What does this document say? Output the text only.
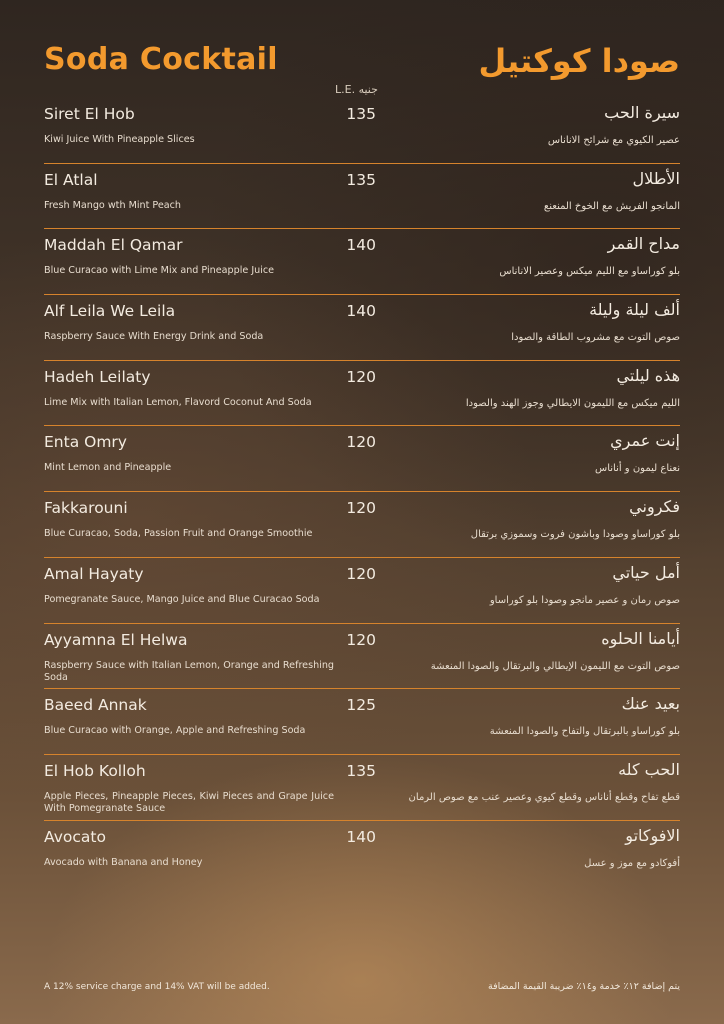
Soda Cocktail	صودا كوكتيل
L.E. جنيه
Siret El Hob	135
Kiwi Juice With Pineapple Slices
سيرة الحب
عصير الكيوي مع شرائح الاناناس
El Atlal	135
Fresh Mango wth Mint Peach
الأطلال
المانجو الفريش مع الخوخ المنعنع
Maddah El Qamar	140
Blue Curacao with Lime Mix and Pineapple Juice
مداح القمر
بلو كوراساو مع الليم ميكس وعصير الاناناس
Alf Leila We Leila	140
Raspberry Sauce With Energy Drink and Soda
ألف ليلة وليلة
صوص التوت مع مشروب الطاقة والصودا
Hadeh Leilaty	120
Lime Mix with Italian Lemon, Flavord Coconut And Soda
هذه ليلتي
الليم ميكس مع الليمون الايطالي وجوز الهند والصودا
Enta Omry	120
Mint Lemon and Pineapple
إنت عمري
نعناع ليمون و أناناس
Fakkarouni	120
Blue Curacao, Soda, Passion Fruit and Orange Smoothie
فكروني
بلو كوراساو وصودا وباشون فروت وسموزي برتقال
Amal Hayaty	120
Pomegranate Sauce, Mango Juice and Blue Curacao Soda
أمل حياتي
صوص رمان و عصير مانجو وصودا بلو كوراساو
Ayyamna El Helwa	120
Raspberry Sauce with Italian Lemon, Orange and Refreshing Soda
أيامنا الحلوه
صوص التوت مع الليمون الإيطالي والبرتقال والصودا المنعشة
Baeed Annak	125
Blue Curacao with Orange, Apple and Refreshing Soda
بعيد عنك
بلو كوراساو بالبرتقال والتفاح والصودا المنعشة
El Hob Kolloh	135
Apple Pieces, Pineapple Pieces, Kiwi Pieces and Grape Juice With Pomegranate Sauce
الحب كله
قطع تفاح وقطع أناناس وقطع كيوي وعصير عنب مع صوص الرمان
Avocato	140
Avocado with Banana and Honey
الافوكاتو
أفوكادو مع موز و عسل
A 12% service charge and 14% VAT will be added.	يتم إضافة ١٢٪ خدمة و١٤٪ ضريبة القيمة المضافة
